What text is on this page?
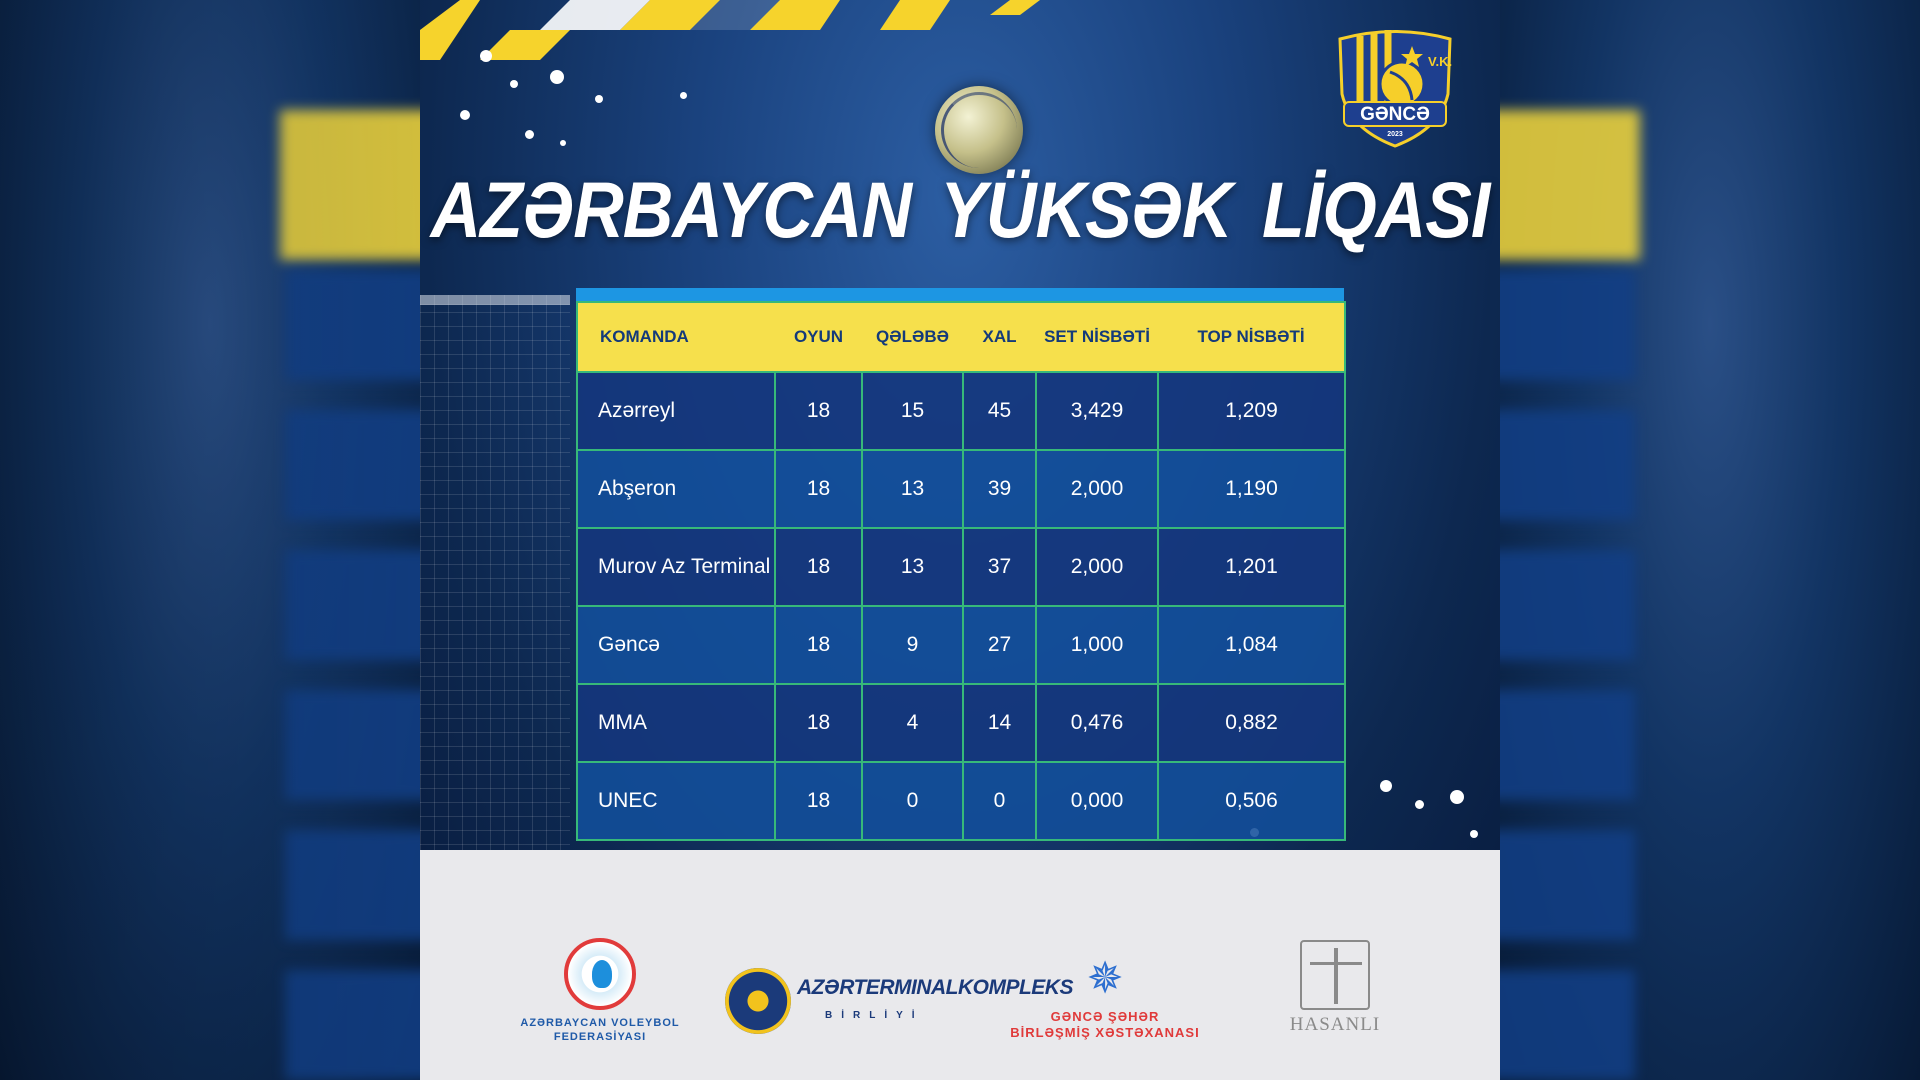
V.K.
GƏNCƏ
2023
AZƏRBAYCAN YÜKSƏK LİQASI
KOMANDA	OYUN	QƏLƏBƏ	XAL	SET NİSBƏTİ	TOP NİSBƏTİ
Azərreyl	18	15	45	3,429	1,209
Abşeron	18	13	39	2,000	1,190
Murov Az Terminal	18	13	37	2,000	1,201
Gəncə	18	9	27	1,000	1,084
MMA	18	4	14	0,476	0,882
UNEC	18	0	0	0,000	0,506
AZƏRBAYCAN VOLEYBOL
FEDERASİYASI
AZƏRTERMINALKOMPLEKS
BİRLİYİ
✵
GƏNCƏ ŞƏHƏR
BİRLƏŞMİŞ XƏSTƏXANASI	HASANLI
